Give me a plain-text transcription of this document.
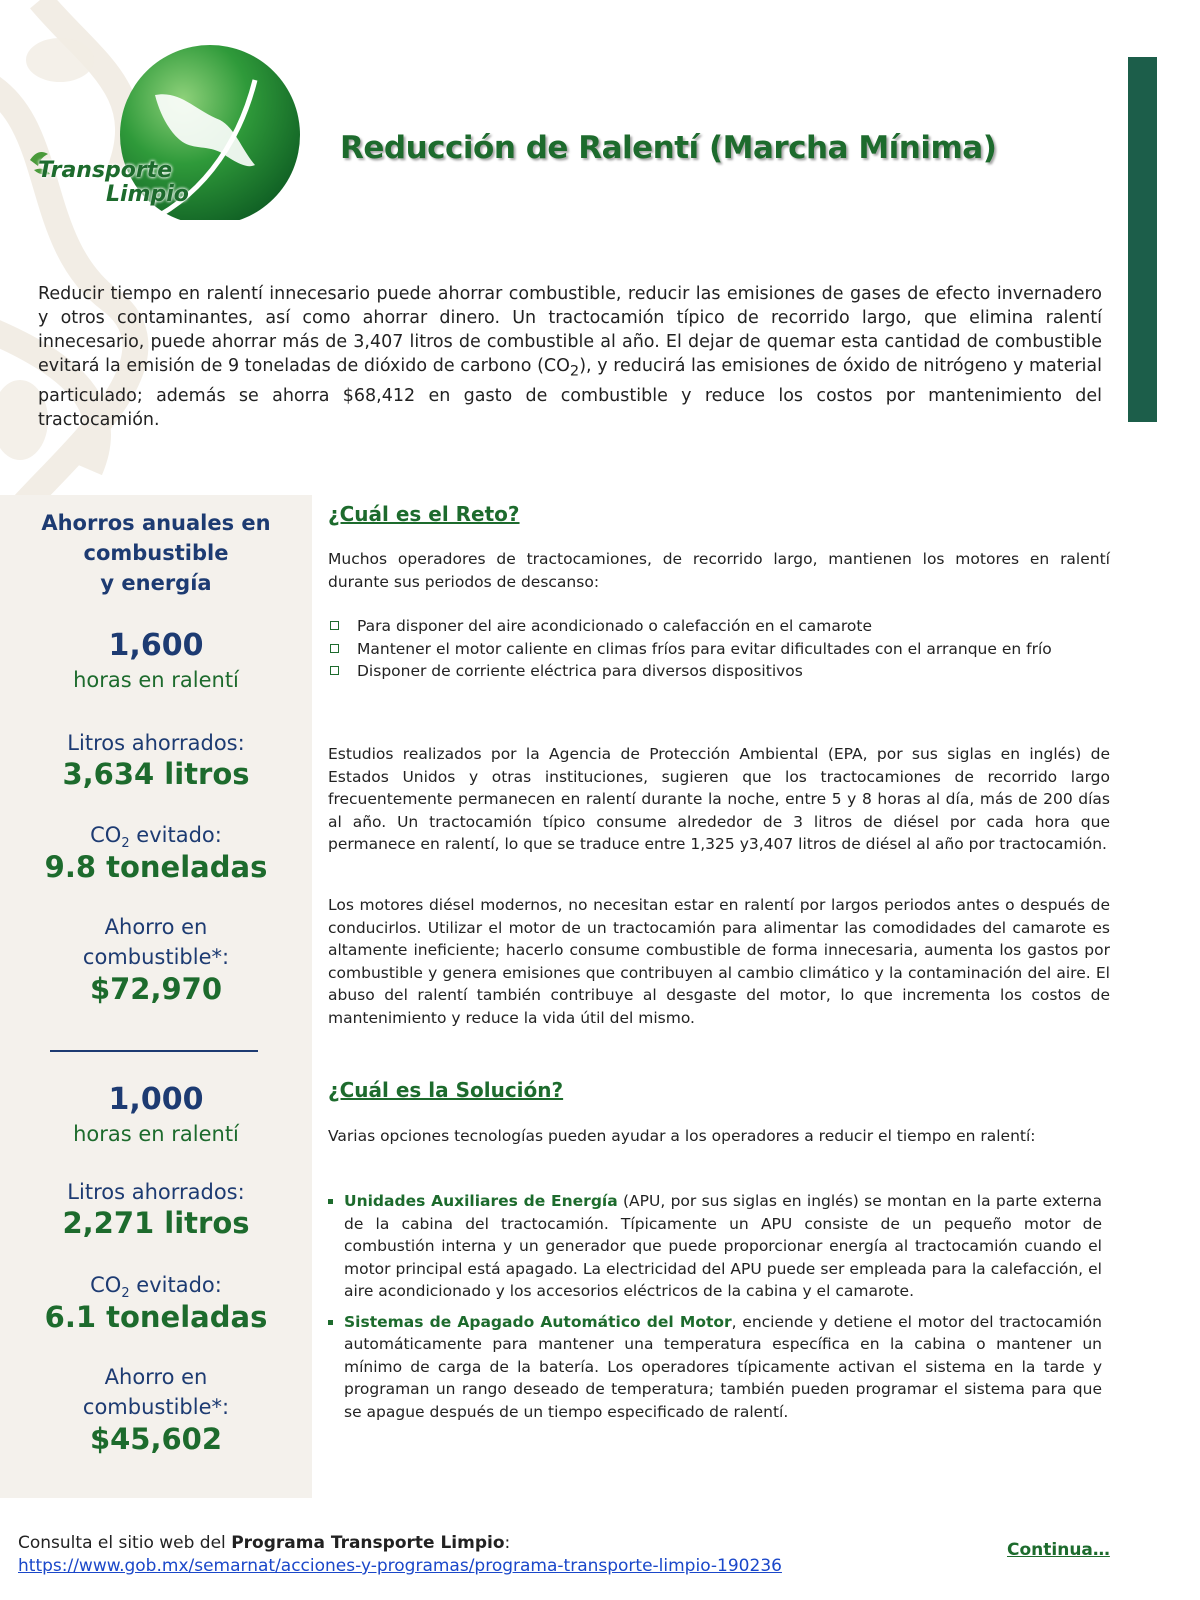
Transporte
Limpio
Reducción de Ralentí (Marcha Mínima)

Reducir tiempo en ralentí innecesario puede ahorrar combustible, reducir las emisiones de gases de efecto invernadero y otros contaminantes, así como ahorrar dinero. Un tractocamión típico de recorrido largo, que elimina ralentí innecesario, puede ahorrar más de 3,407 litros de combustible al año. El dejar de quemar esta cantidad de combustible evitará la emisión de 9 toneladas de dióxido de carbono $(CO_2)$, y reducirá las emisiones de óxido de nitrógeno y material particulado; además se ahorra $68,412 en gasto de combustible y reduce los costos por mantenimiento del tractocamión.

Ahorros anuales en
combustible
y energía
1,600
horas en ralentí
Litros ahorrados:
3,634 litros
$CO_2$ evitado:
9.8 toneladas
Ahorro en
combustible*:
$72,970
1,000
horas en ralentí
Litros ahorrados:
2,271 litros
$CO_2$ evitado:
6.1 toneladas
Ahorro en
combustible*:
$45,602
¿Cuál es el Reto?

Muchos operadores de tractocamiones, de recorrido largo, mantienen los motores en ralentí durante sus periodos de descanso:

Para disponer del aire acondicionado o calefacción en el camarote
Mantener el motor caliente en climas fríos para evitar dificultades con el arranque en frío
Disponer de corriente eléctrica para diversos dispositivos

Estudios realizados por la Agencia de Protección Ambiental (EPA, por sus siglas en inglés) de Estados Unidos y otras instituciones, sugieren que los tractocamiones de recorrido largo frecuentemente permanecen en ralentí durante la noche, entre 5 y 8 horas al día, más de 200 días al año. Un tractocamión típico consume alrededor de 3 litros de diésel por cada hora que permanece en ralentí, lo que se traduce entre 1,325 y3,407 litros de diésel al año por tractocamión.

Los motores diésel modernos, no necesitan estar en ralentí por largos periodos antes o después de conducirlos. Utilizar el motor de un tractocamión para alimentar las comodidades del camarote es altamente ineficiente; hacerlo consume combustible de forma innecesaria, aumenta los gastos por combustible y genera emisiones que contribuyen al cambio climático y la contaminación del aire. El abuso del ralentí también contribuye al desgaste del motor, lo que incrementa los costos de mantenimiento y reduce la vida útil del mismo.

¿Cuál es la Solución?

Varias opciones tecnologías pueden ayudar a los operadores a reducir el tiempo en ralentí:

Unidades Auxiliares de Energía (APU, por sus siglas en inglés) se montan en la parte externa de la cabina del tractocamión. Típicamente un APU consiste de un pequeño motor de combustión interna y un generador que puede proporcionar energía al tractocamión cuando el motor principal está apagado. La electricidad del APU puede ser empleada para la calefacción, el aire acondicionado y los accesorios eléctricos de la cabina y el camarote.
Sistemas de Apagado Automático del Motor, enciende y detiene el motor del tractocamión automáticamente para mantener una temperatura específica en la cabina o mantener un mínimo de carga de la batería. Los operadores típicamente activan el sistema en la tarde y programan un rango deseado de temperatura; también pueden programar el sistema para que se apague después de un tiempo especificado de ralentí.
Consulta el sitio web del Programa Transporte Limpio:
https://www.gob.mx/semarnat/acciones-y-programas/programa-transporte-limpio-190236
Continua…
